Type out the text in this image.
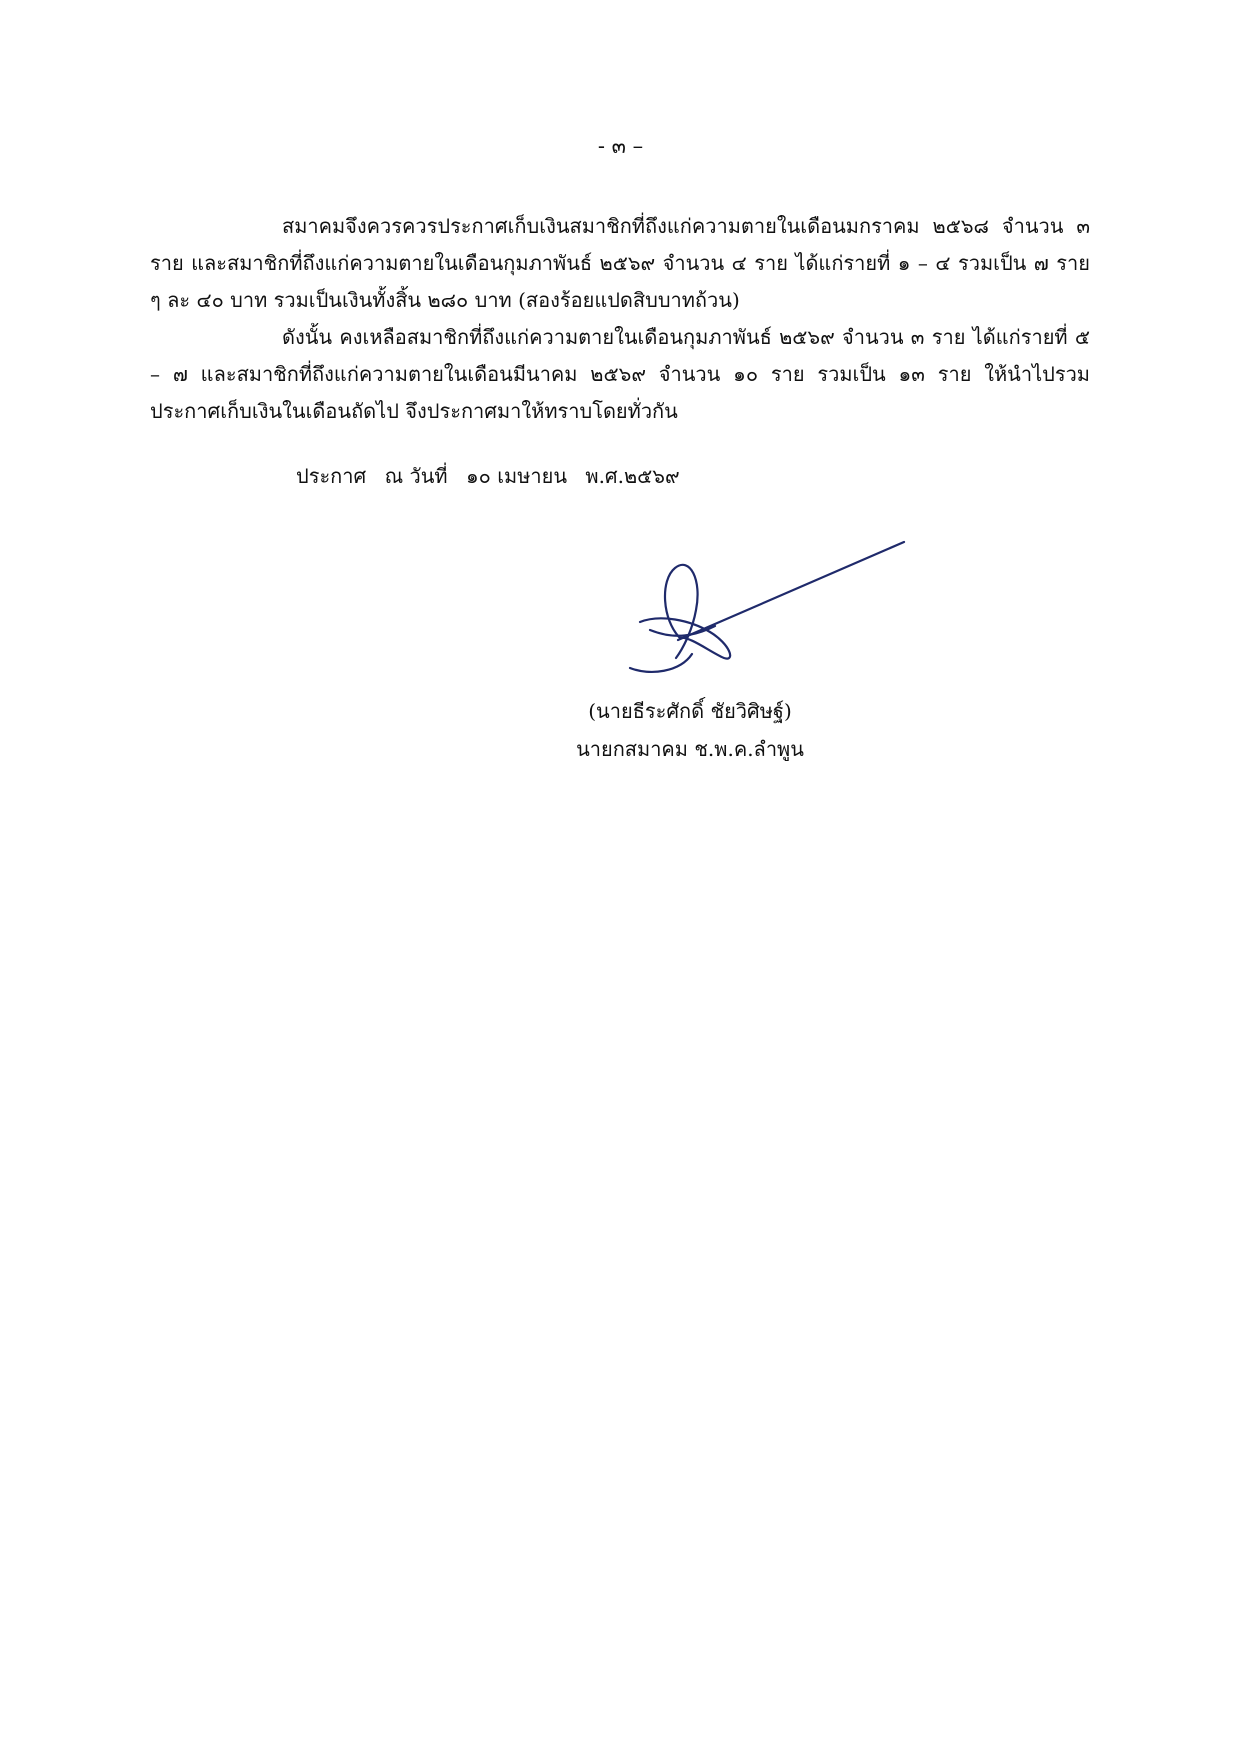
- ๓ –

สมาคมจึงควรควรประกาศเก็บเงินสมาชิกที่ถึงแก่ความตายในเดือนมกราคม ๒๕๖๘ จำนวน ๓ ราย และสมาชิกที่ถึงแก่ความตายในเดือนกุมภาพันธ์ ๒๕๖๙ จำนวน ๔ ราย ได้แก่รายที่ ๑ – ๔ รวมเป็น ๗ ราย ๆ ละ ๔๐ บาท รวมเป็นเงินทั้งสิ้น ๒๘๐ บาท (สองร้อยแปดสิบบาทถ้วน)

ดังนั้น คงเหลือสมาชิกที่ถึงแก่ความตายในเดือนกุมภาพันธ์ ๒๕๖๙ จำนวน ๓ ราย ได้แก่รายที่ ๕ – ๗ และสมาชิกที่ถึงแก่ความตายในเดือนมีนาคม ๒๕๖๙ จำนวน ๑๐ ราย รวมเป็น ๑๓ ราย ให้นำไปรวมประกาศเก็บเงินในเดือนถัดไป จึงประกาศมาให้ทราบโดยทั่วกัน

ประกาศ ณ วันที่ ๑๐ เมษายน พ.ศ.๒๕๖๙
(นายธีระศักดิ์ ชัยวิศิษฐ์)
นายกสมาคม ช.พ.ค.ลำพูน
